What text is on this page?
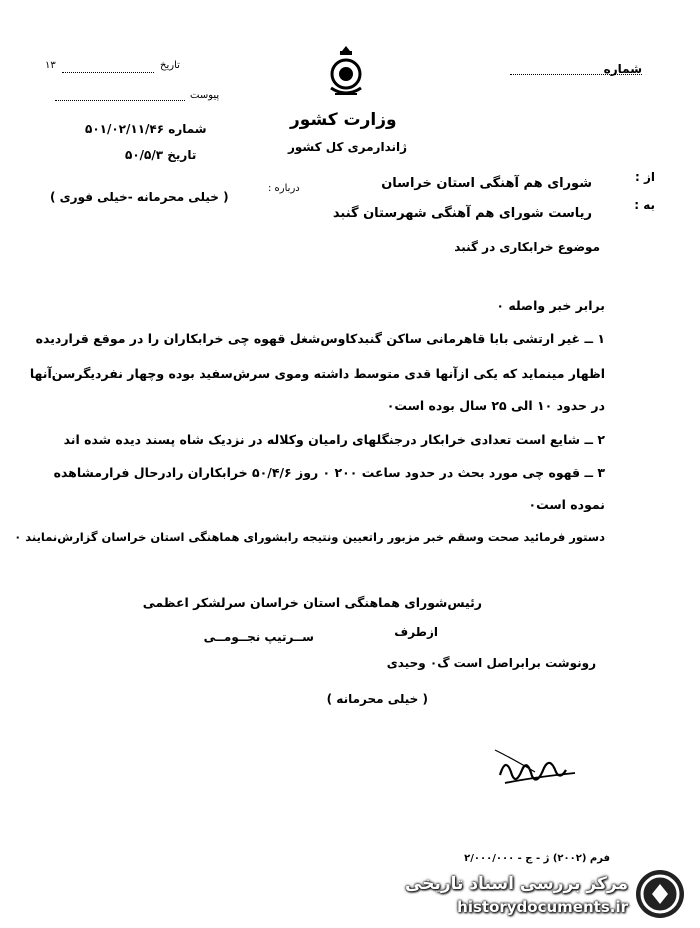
شماره
۱۳	تاریخ
پیوست
وزارت کشور
ژاندارمری کل کشور
شماره ۵۰۱/۰۲/۱۱/۴۶
تاریخ ۵۰/۵/۳
( خیلی محرمانه -خیلی فوری )
از :
شورای هم آهنگی استان خراسان
به :
ریاست شورای هم آهنگی شهرستان گنبد
درباره :
موضوع خرابکاری در گنبد
برابر خبر واصله ۰
۱ ــ غیر ارتشی بابا قاهرمانی ساکن گنبدکاوس‌شغل قهوه چی خرابکاران را در موقع قراردیده
اظهار مینماید که یکی ازآنها قدی متوسط داشته وموی سرش‌سفید بوده وچهار نفردیگرسن‌آنها
در حدود ۱۰ الی ۲۵ سال بوده است۰
۲ ــ شایع است تعدادی خرابکار درجنگلهای رامیان وکلاله در نزدیک شاه پسند دیده شده اند
۳ ــ قهوه چی مورد بحث در حدود ساعت ۲۰۰ ۰ روز ۵۰/۴/۶ خرابکاران رادرحال فرارمشاهده
نموده است۰
دستور فرمائید صحت وسقم خبر مزبور راتعیین ونتیجه رابشورای هماهنگی استان خراسان گزارش‌نمایند ۰
رئیس‌شورای هماهنگی استان خراسان سرلشکر اعظمی
ازطرف
ســرتیپ نجــومــی
رونوشت برابراصل است گ۰ وحیدی
( خیلی محرمانه )
فرم (۲۰۰۲) ژ - ج - ۲/۰۰۰/۰۰۰
مرکز بررسی اسناد تاریخی
historydocuments.ir
